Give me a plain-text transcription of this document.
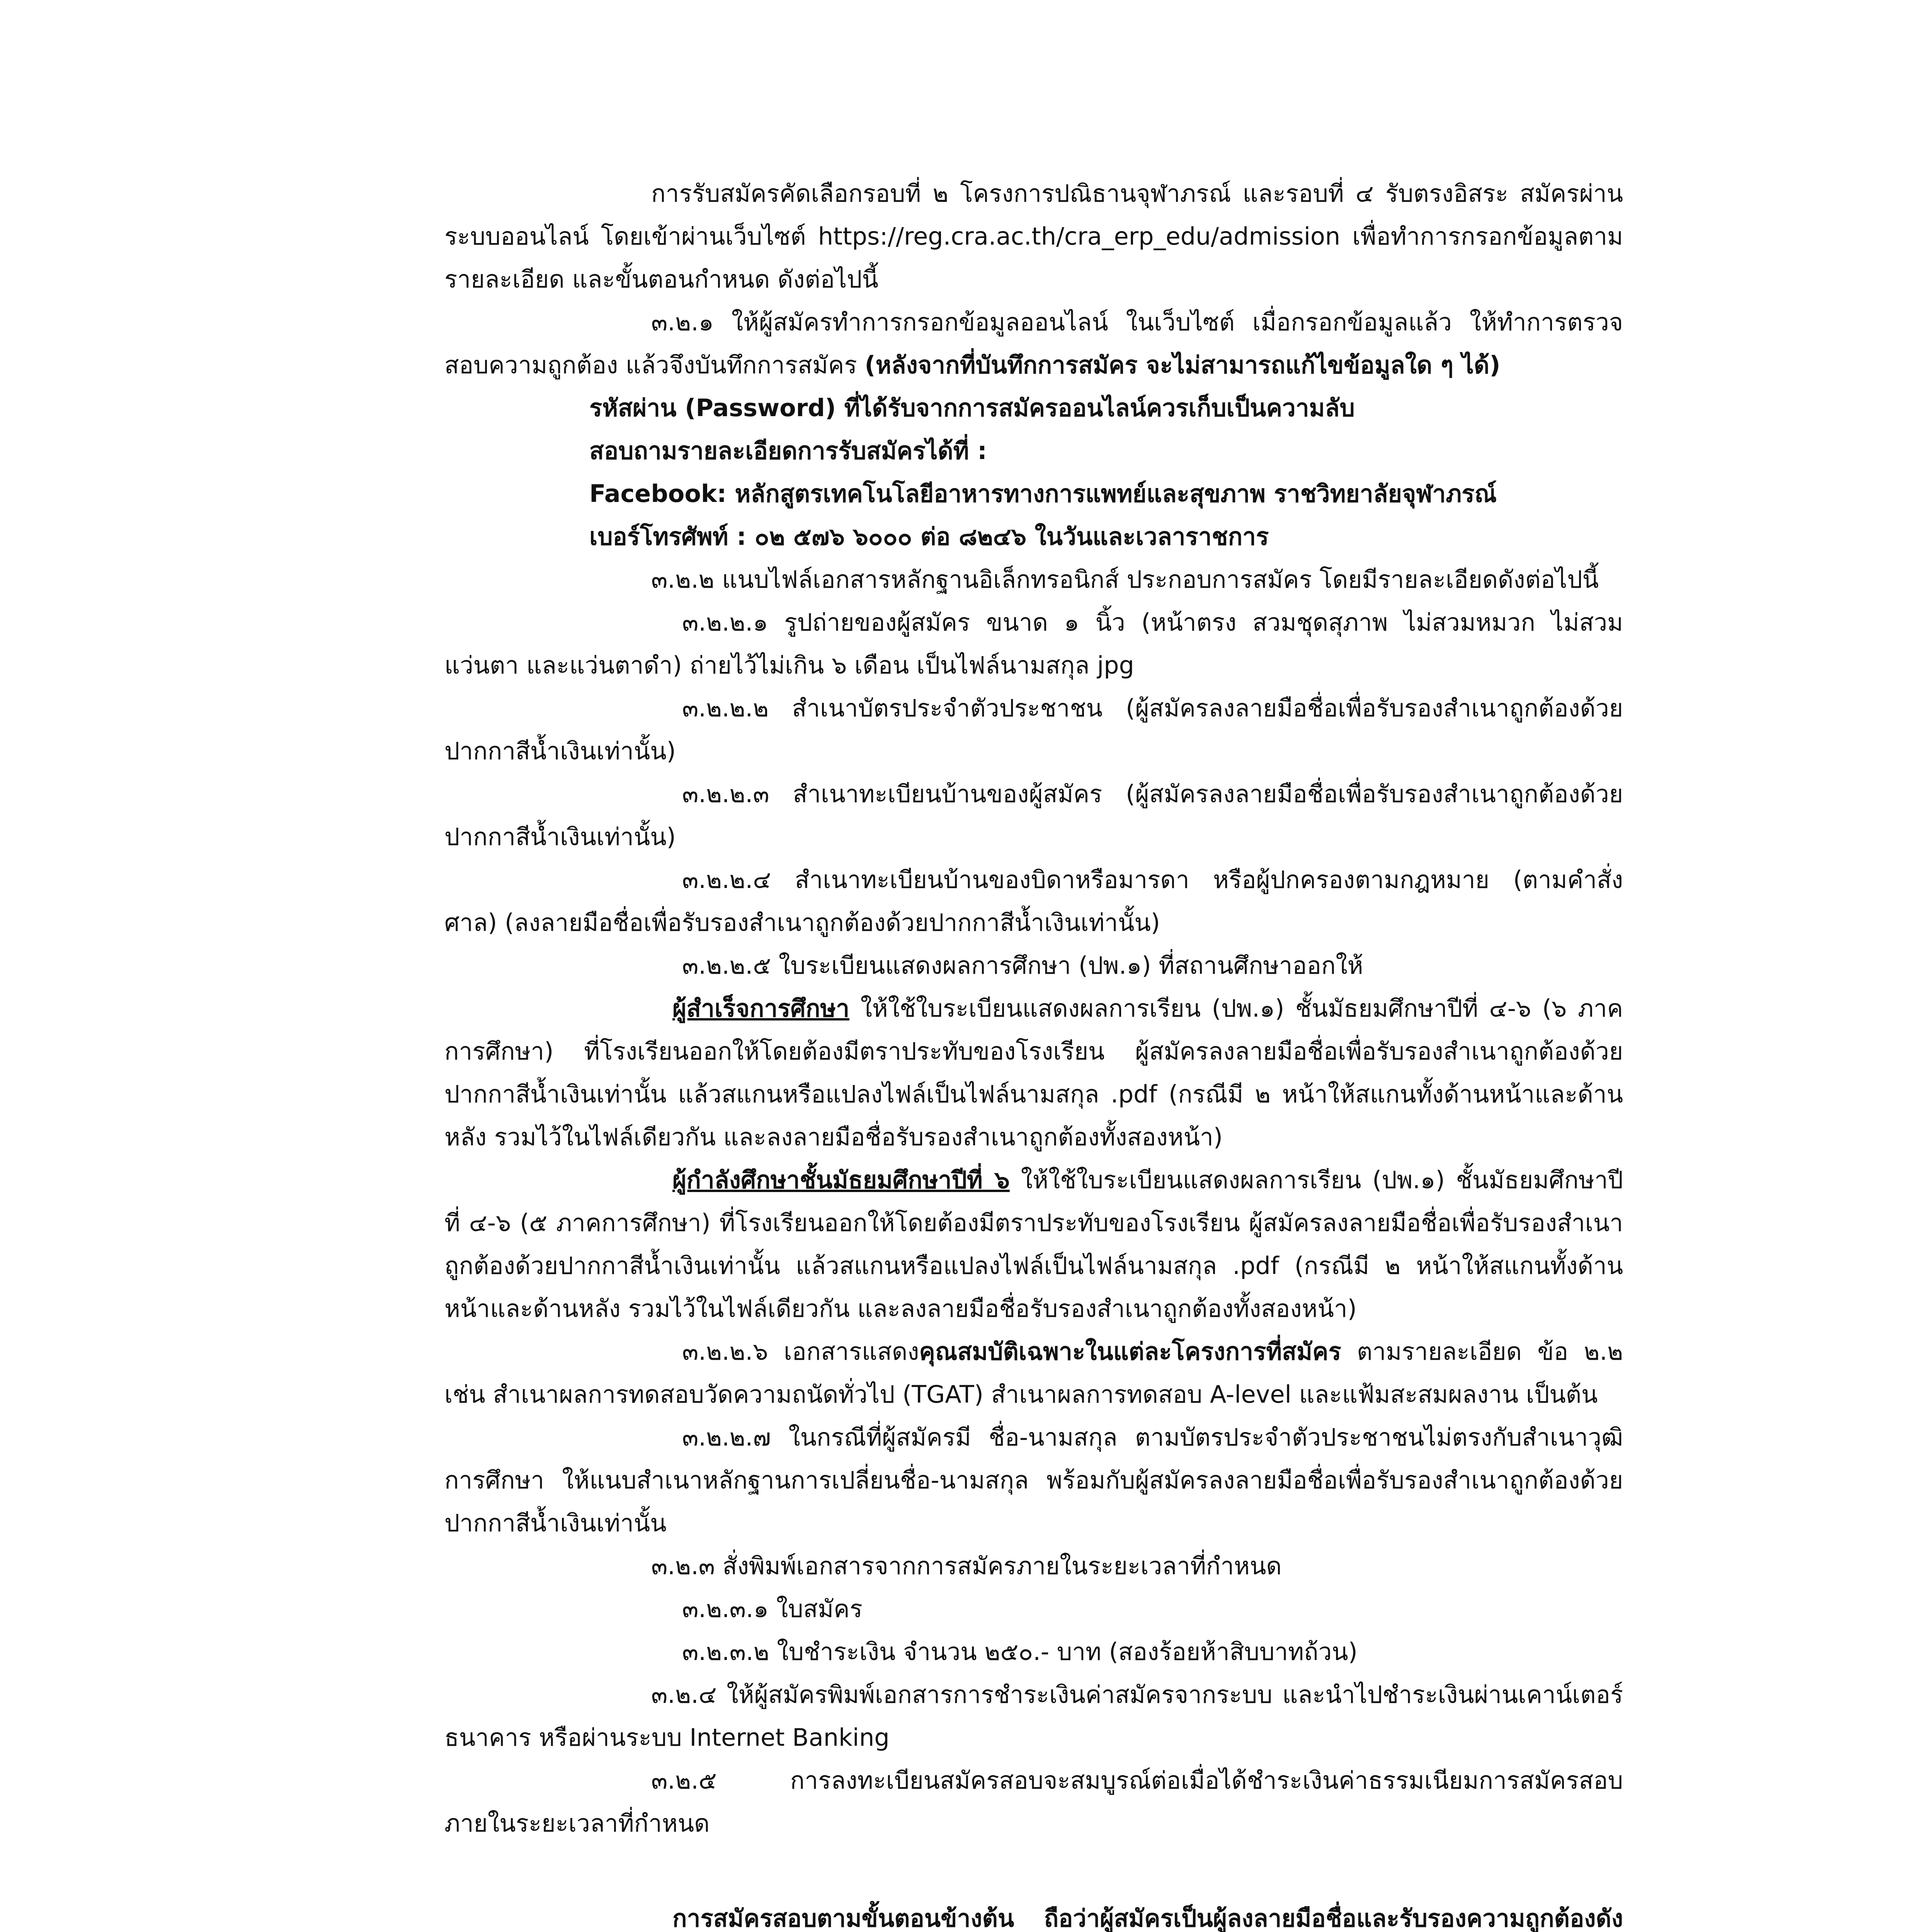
การรับสมัครคัดเลือกรอบที่ ๒ โครงการปณิธานจุฬาภรณ์ และรอบที่ ๔ รับตรงอิสระ สมัครผ่านระบบออนไลน์ โดยเข้าผ่านเว็บไซต์ https://reg.cra.ac.th/cra_erp_edu/admission เพื่อทำการกรอกข้อมูลตามรายละเอียด และขั้นตอนกำหนด ดังต่อไปนี้

๓.๒.๑ ให้ผู้สมัครทำการกรอกข้อมูลออนไลน์ ในเว็บไซต์ เมื่อกรอกข้อมูลแล้ว ให้ทำการตรวจสอบความถูกต้อง แล้วจึงบันทึกการสมัคร (หลังจากที่บันทึกการสมัคร จะไม่สามารถแก้ไขข้อมูลใด ๆ ได้)

รหัสผ่าน (Password) ที่ได้รับจากการสมัครออนไลน์ควรเก็บเป็นความลับ

สอบถามรายละเอียดการรับสมัครได้ที่ :

Facebook: หลักสูตรเทคโนโลยีอาหารทางการแพทย์และสุขภาพ ราชวิทยาลัยจุฬาภรณ์

เบอร์โทรศัพท์ : ๐๒ ๕๗๖ ๖๐๐๐ ต่อ ๘๒๔๖ ในวันและเวลาราชการ

๓.๒.๒ แนบไฟล์เอกสารหลักฐานอิเล็กทรอนิกส์ ประกอบการสมัคร โดยมีรายละเอียดดังต่อไปนี้

๓.๒.๒.๑ รูปถ่ายของผู้สมัคร ขนาด ๑ นิ้ว (หน้าตรง สวมชุดสุภาพ ไม่สวมหมวก ไม่สวมแว่นตา และแว่นตาดำ) ถ่ายไว้ไม่เกิน ๖ เดือน เป็นไฟล์นามสกุล jpg

๓.๒.๒.๒ สำเนาบัตรประจำตัวประชาชน (ผู้สมัครลงลายมือชื่อเพื่อรับรองสำเนาถูกต้องด้วยปากกาสีน้ำเงินเท่านั้น)

๓.๒.๒.๓ สำเนาทะเบียนบ้านของผู้สมัคร (ผู้สมัครลงลายมือชื่อเพื่อรับรองสำเนาถูกต้องด้วยปากกาสีน้ำเงินเท่านั้น)

๓.๒.๒.๔ สำเนาทะเบียนบ้านของบิดาหรือมารดา หรือผู้ปกครองตามกฎหมาย (ตามคำสั่งศาล) (ลงลายมือชื่อเพื่อรับรองสำเนาถูกต้องด้วยปากกาสีน้ำเงินเท่านั้น)

๓.๒.๒.๕ ใบระเบียนแสดงผลการศึกษา (ปพ.๑) ที่สถานศึกษาออกให้

ผู้สำเร็จการศึกษา ให้ใช้ใบระเบียนแสดงผลการเรียน (ปพ.๑) ชั้นมัธยมศึกษาปีที่ ๔-๖ (๖ ภาคการศึกษา) ที่โรงเรียนออกให้โดยต้องมีตราประทับของโรงเรียน ผู้สมัครลงลายมือชื่อเพื่อรับรองสำเนาถูกต้องด้วยปากกาสีน้ำเงินเท่านั้น แล้วสแกนหรือแปลงไฟล์เป็นไฟล์นามสกุล .pdf (กรณีมี ๒ หน้าให้สแกนทั้งด้านหน้าและด้านหลัง รวมไว้ในไฟล์เดียวกัน และลงลายมือชื่อรับรองสำเนาถูกต้องทั้งสองหน้า)

ผู้กำลังศึกษาชั้นมัธยมศึกษาปีที่ ๖ ให้ใช้ใบระเบียนแสดงผลการเรียน (ปพ.๑) ชั้นมัธยมศึกษาปีที่ ๔-๖ (๕ ภาคการศึกษา) ที่โรงเรียนออกให้โดยต้องมีตราประทับของโรงเรียน ผู้สมัครลงลายมือชื่อเพื่อรับรองสำเนาถูกต้องด้วยปากกาสีน้ำเงินเท่านั้น แล้วสแกนหรือแปลงไฟล์เป็นไฟล์นามสกุล .pdf (กรณีมี ๒ หน้าให้สแกนทั้งด้านหน้าและด้านหลัง รวมไว้ในไฟล์เดียวกัน และลงลายมือชื่อรับรองสำเนาถูกต้องทั้งสองหน้า)

๓.๒.๒.๖ เอกสารแสดงคุณสมบัติเฉพาะในแต่ละโครงการที่สมัคร ตามรายละเอียด ข้อ ๒.๒ เช่น สำเนาผลการทดสอบวัดความถนัดทั่วไป (TGAT) สำเนาผลการทดสอบ A-level และแฟ้มสะสมผลงาน เป็นต้น

๓.๒.๒.๗ ในกรณีที่ผู้สมัครมี ชื่อ-นามสกุล ตามบัตรประจำตัวประชาชนไม่ตรงกับสำเนาวุฒิการศึกษา ให้แนบสำเนาหลักฐานการเปลี่ยนชื่อ-นามสกุล พร้อมกับผู้สมัครลงลายมือชื่อเพื่อรับรองสำเนาถูกต้องด้วยปากกาสีน้ำเงินเท่านั้น

๓.๒.๓ สั่งพิมพ์เอกสารจากการสมัครภายในระยะเวลาที่กำหนด

๓.๒.๓.๑ ใบสมัคร

๓.๒.๓.๒ ใบชำระเงิน จำนวน ๒๕๐.- บาท (สองร้อยห้าสิบบาทถ้วน)

๓.๒.๔ ให้ผู้สมัครพิมพ์เอกสารการชำระเงินค่าสมัครจากระบบ และนำไปชำระเงินผ่านเคาน์เตอร์ ธนาคาร หรือผ่านระบบ Internet Banking

๓.๒.๕ การลงทะเบียนสมัครสอบจะสมบูรณ์ต่อเมื่อได้ชำระเงินค่าธรรมเนียมการสมัครสอบภายในระยะเวลาที่กำหนด

การสมัครสอบตามขั้นตอนข้างต้น ถือว่าผู้สมัครเป็นผู้ลงลายมือชื่อและรับรองความถูกต้องดัง
